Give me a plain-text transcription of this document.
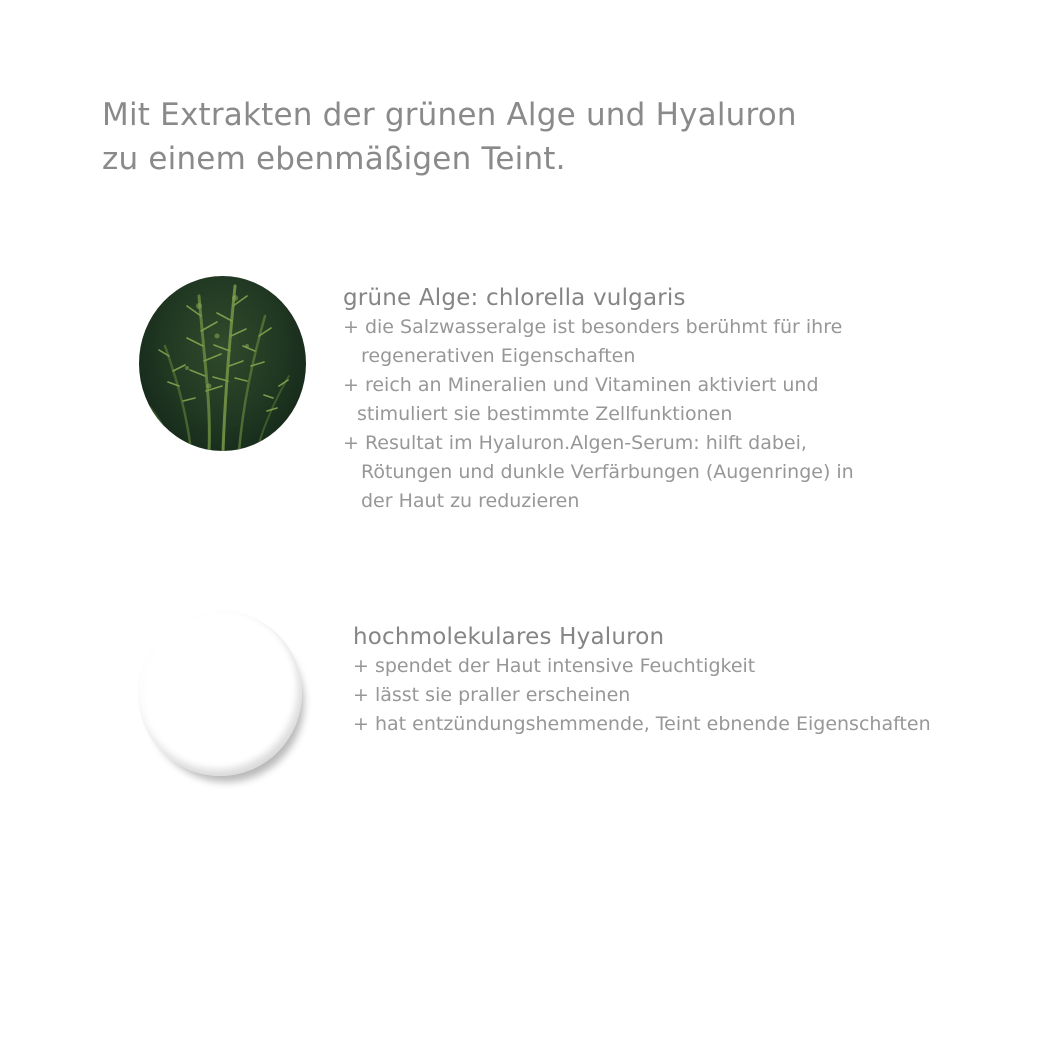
Mit Extrakten der grünen Alge und Hyaluron
zu einem ebenmäßigen Teint.
grüne Alge: chlorella vulgaris
+ die Salzwasseralge ist besonders berühmt für ihre
regenerativen Eigenschaften
+ reich an Mineralien und Vitaminen aktiviert und
stimuliert sie bestimmte Zellfunktionen
+ Resultat im Hyaluron.Algen-Serum: hilft dabei,
Rötungen und dunkle Verfärbungen (Augenringe) in
der Haut zu reduzieren
hochmolekulares Hyaluron
+ spendet der Haut intensive Feuchtigkeit
+ lässt sie praller erscheinen
+ hat entzündungshemmende, Teint ebnende Eigenschaften
